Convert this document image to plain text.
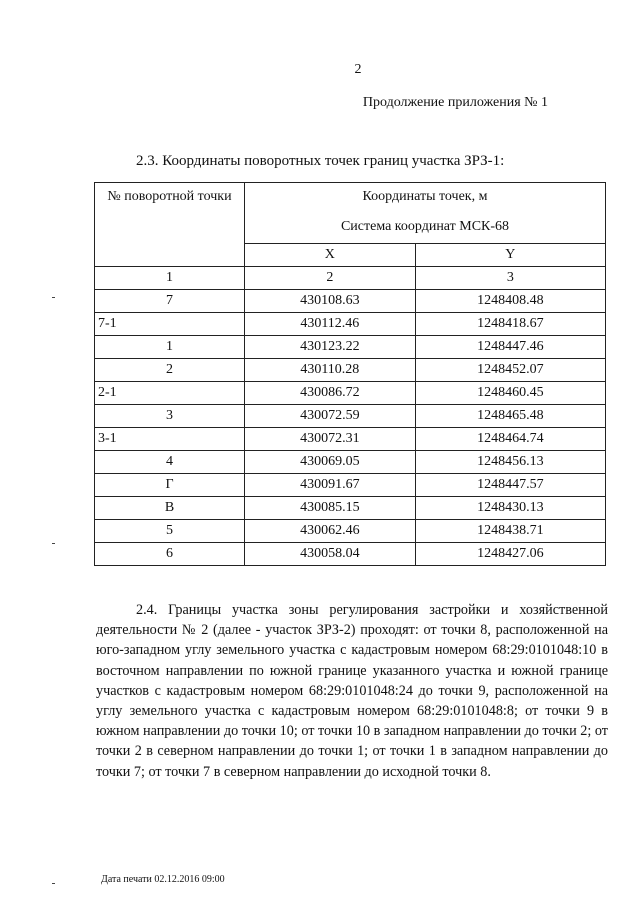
2
Продолжение приложения № 1
2.3. Координаты поворотных точек границ участка ЗРЗ-1:
№ поворотной точки	Координаты точек, м
Система координат МСК-68	

	X	Y
1	2	3
7	430108.63	1248408.48
7-1	430112.46	1248418.67
1	430123.22	1248447.46
2	430110.28	1248452.07
2-1	430086.72	1248460.45
3	430072.59	1248465.48
3-1	430072.31	1248464.74
4	430069.05	1248456.13
Г	430091.67	1248447.57
В	430085.15	1248430.13
5	430062.46	1248438.71
6	430058.04	1248427.06
2.4. Границы участка зоны регулирования застройки и хозяйственной деятельности № 2 (далее - участок ЗРЗ-2) проходят: от точки 8, расположенной на юго-западном углу земельного участка с кадастровым номером 68:29:0101048:10 в восточном направлении по южной границе указанного участка и южной границе участков с кадастровым номером 68:29:0101048:24 до точки 9, расположенной на углу земельного участка с кадастровым номером 68:29:0101048:8; от точки 9 в южном направлении до точки 10; от точки 10 в западном направлении до точки 2; от точки 2 в северном направлении до точки 1; от точки 1 в западном направлении до точки 7; от точки 7 в северном направлении до исходной точки 8.
Дата печати 02.12.2016 09:00
